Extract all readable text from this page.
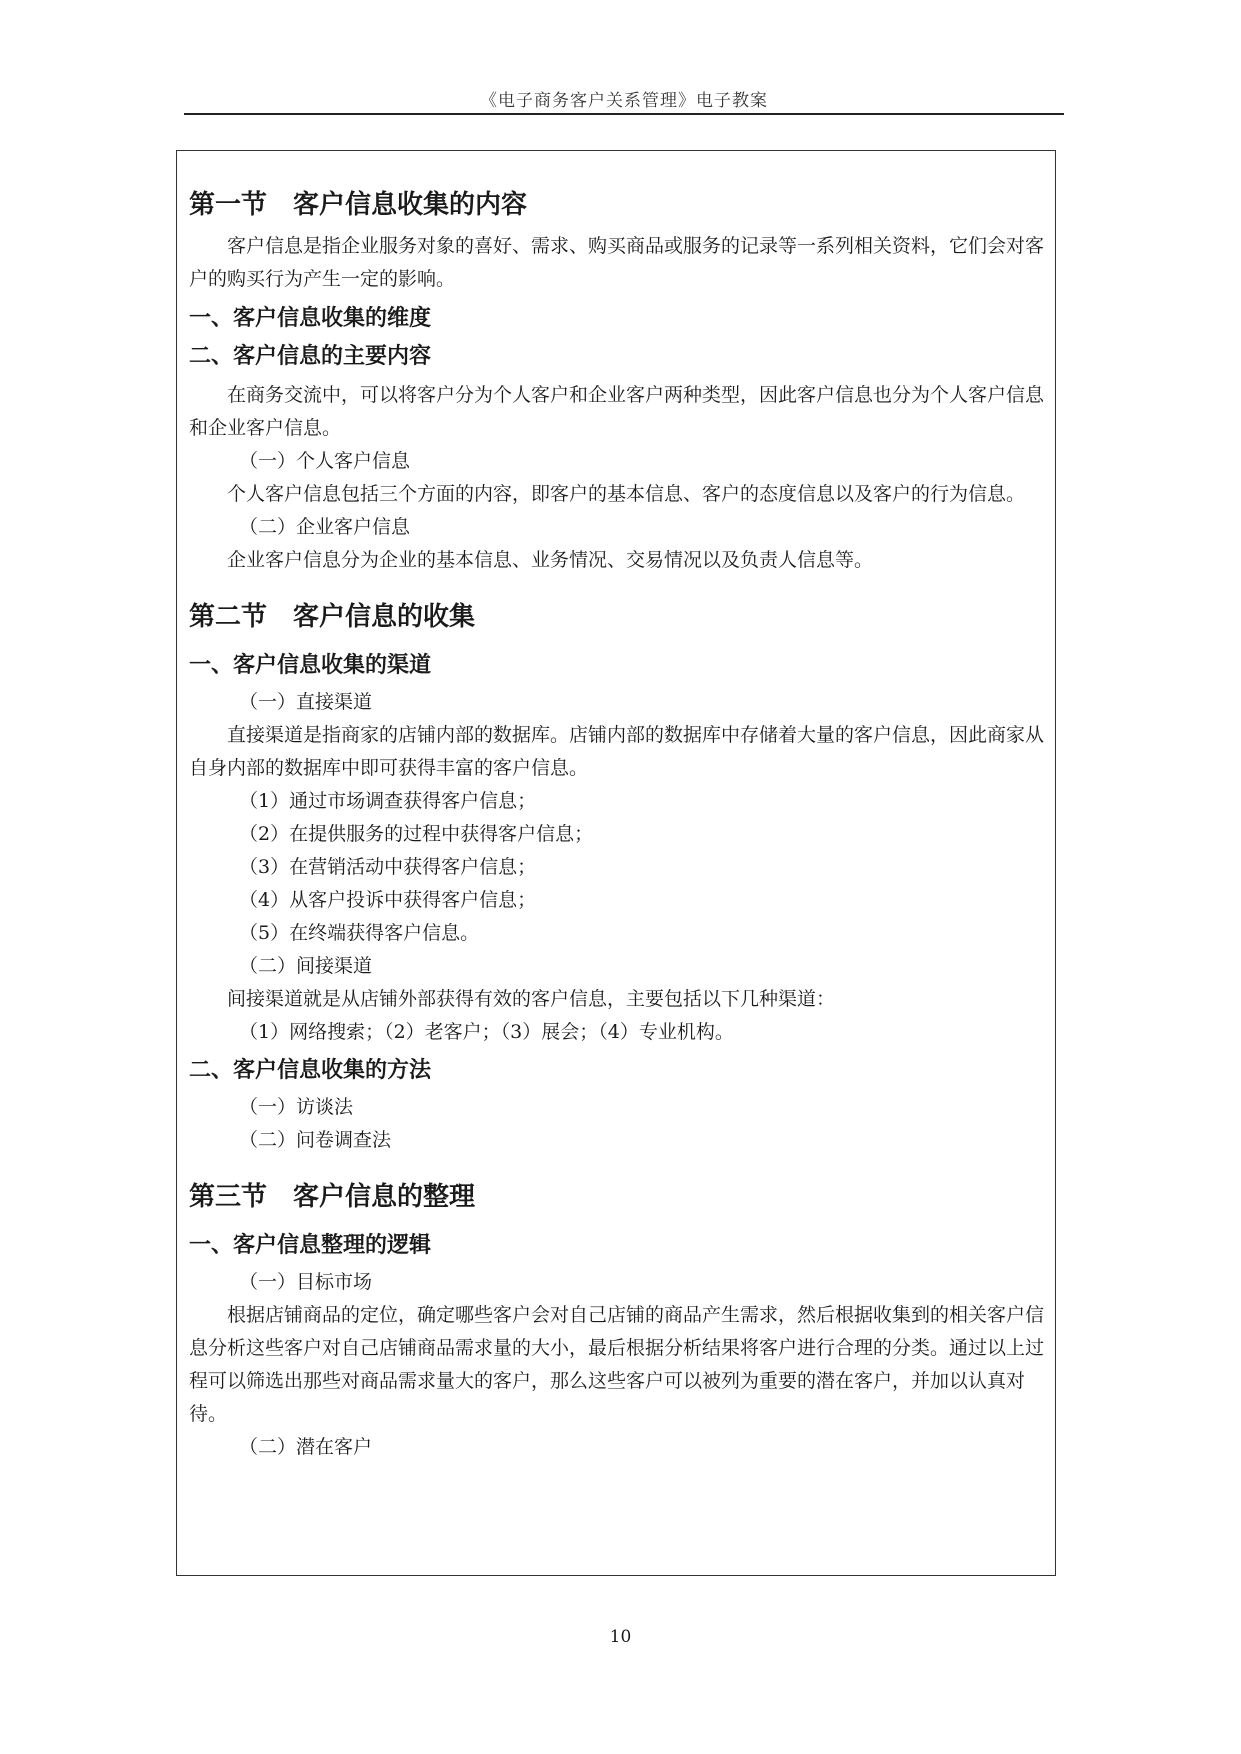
《电子商务客户关系管理》电子教案
第一节　客户信息收集的内容

客户信息是指企业服务对象的喜好、需求、购买商品或服务的记录等一系列相关资料，它们会对客户的购买行为产生一定的影响。

一、客户信息收集的维度
二、客户信息的主要内容

在商务交流中，可以将客户分为个人客户和企业客户两种类型，因此客户信息也分为个人客户信息和企业客户信息。

（一）个人客户信息

个人客户信息包括三个方面的内容，即客户的基本信息、客户的态度信息以及客户的行为信息。

（二）企业客户信息

企业客户信息分为企业的基本信息、业务情况、交易情况以及负责人信息等。

第二节　客户信息的收集
一、客户信息收集的渠道

（一）直接渠道

直接渠道是指商家的店铺内部的数据库。店铺内部的数据库中存储着大量的客户信息，因此商家从自身内部的数据库中即可获得丰富的客户信息。

（1）通过市场调查获得客户信息；

（2）在提供服务的过程中获得客户信息；

（3）在营销活动中获得客户信息；

（4）从客户投诉中获得客户信息；

（5）在终端获得客户信息。

（二）间接渠道

间接渠道就是从店铺外部获得有效的客户信息，主要包括以下几种渠道：

（1）网络搜索；（2）老客户；（3）展会；（4）专业机构。

二、客户信息收集的方法

（一）访谈法

（二）问卷调查法

第三节　客户信息的整理
一、客户信息整理的逻辑

（一）目标市场

根据店铺商品的定位，确定哪些客户会对自己店铺的商品产生需求，然后根据收集到的相关客户信息分析这些客户对自己店铺商品需求量的大小，最后根据分析结果将客户进行合理的分类。通过以上过程可以筛选出那些对商品需求量大的客户，那么这些客户可以被列为重要的潜在客户，并加以认真对待。

（二）潜在客户

10
